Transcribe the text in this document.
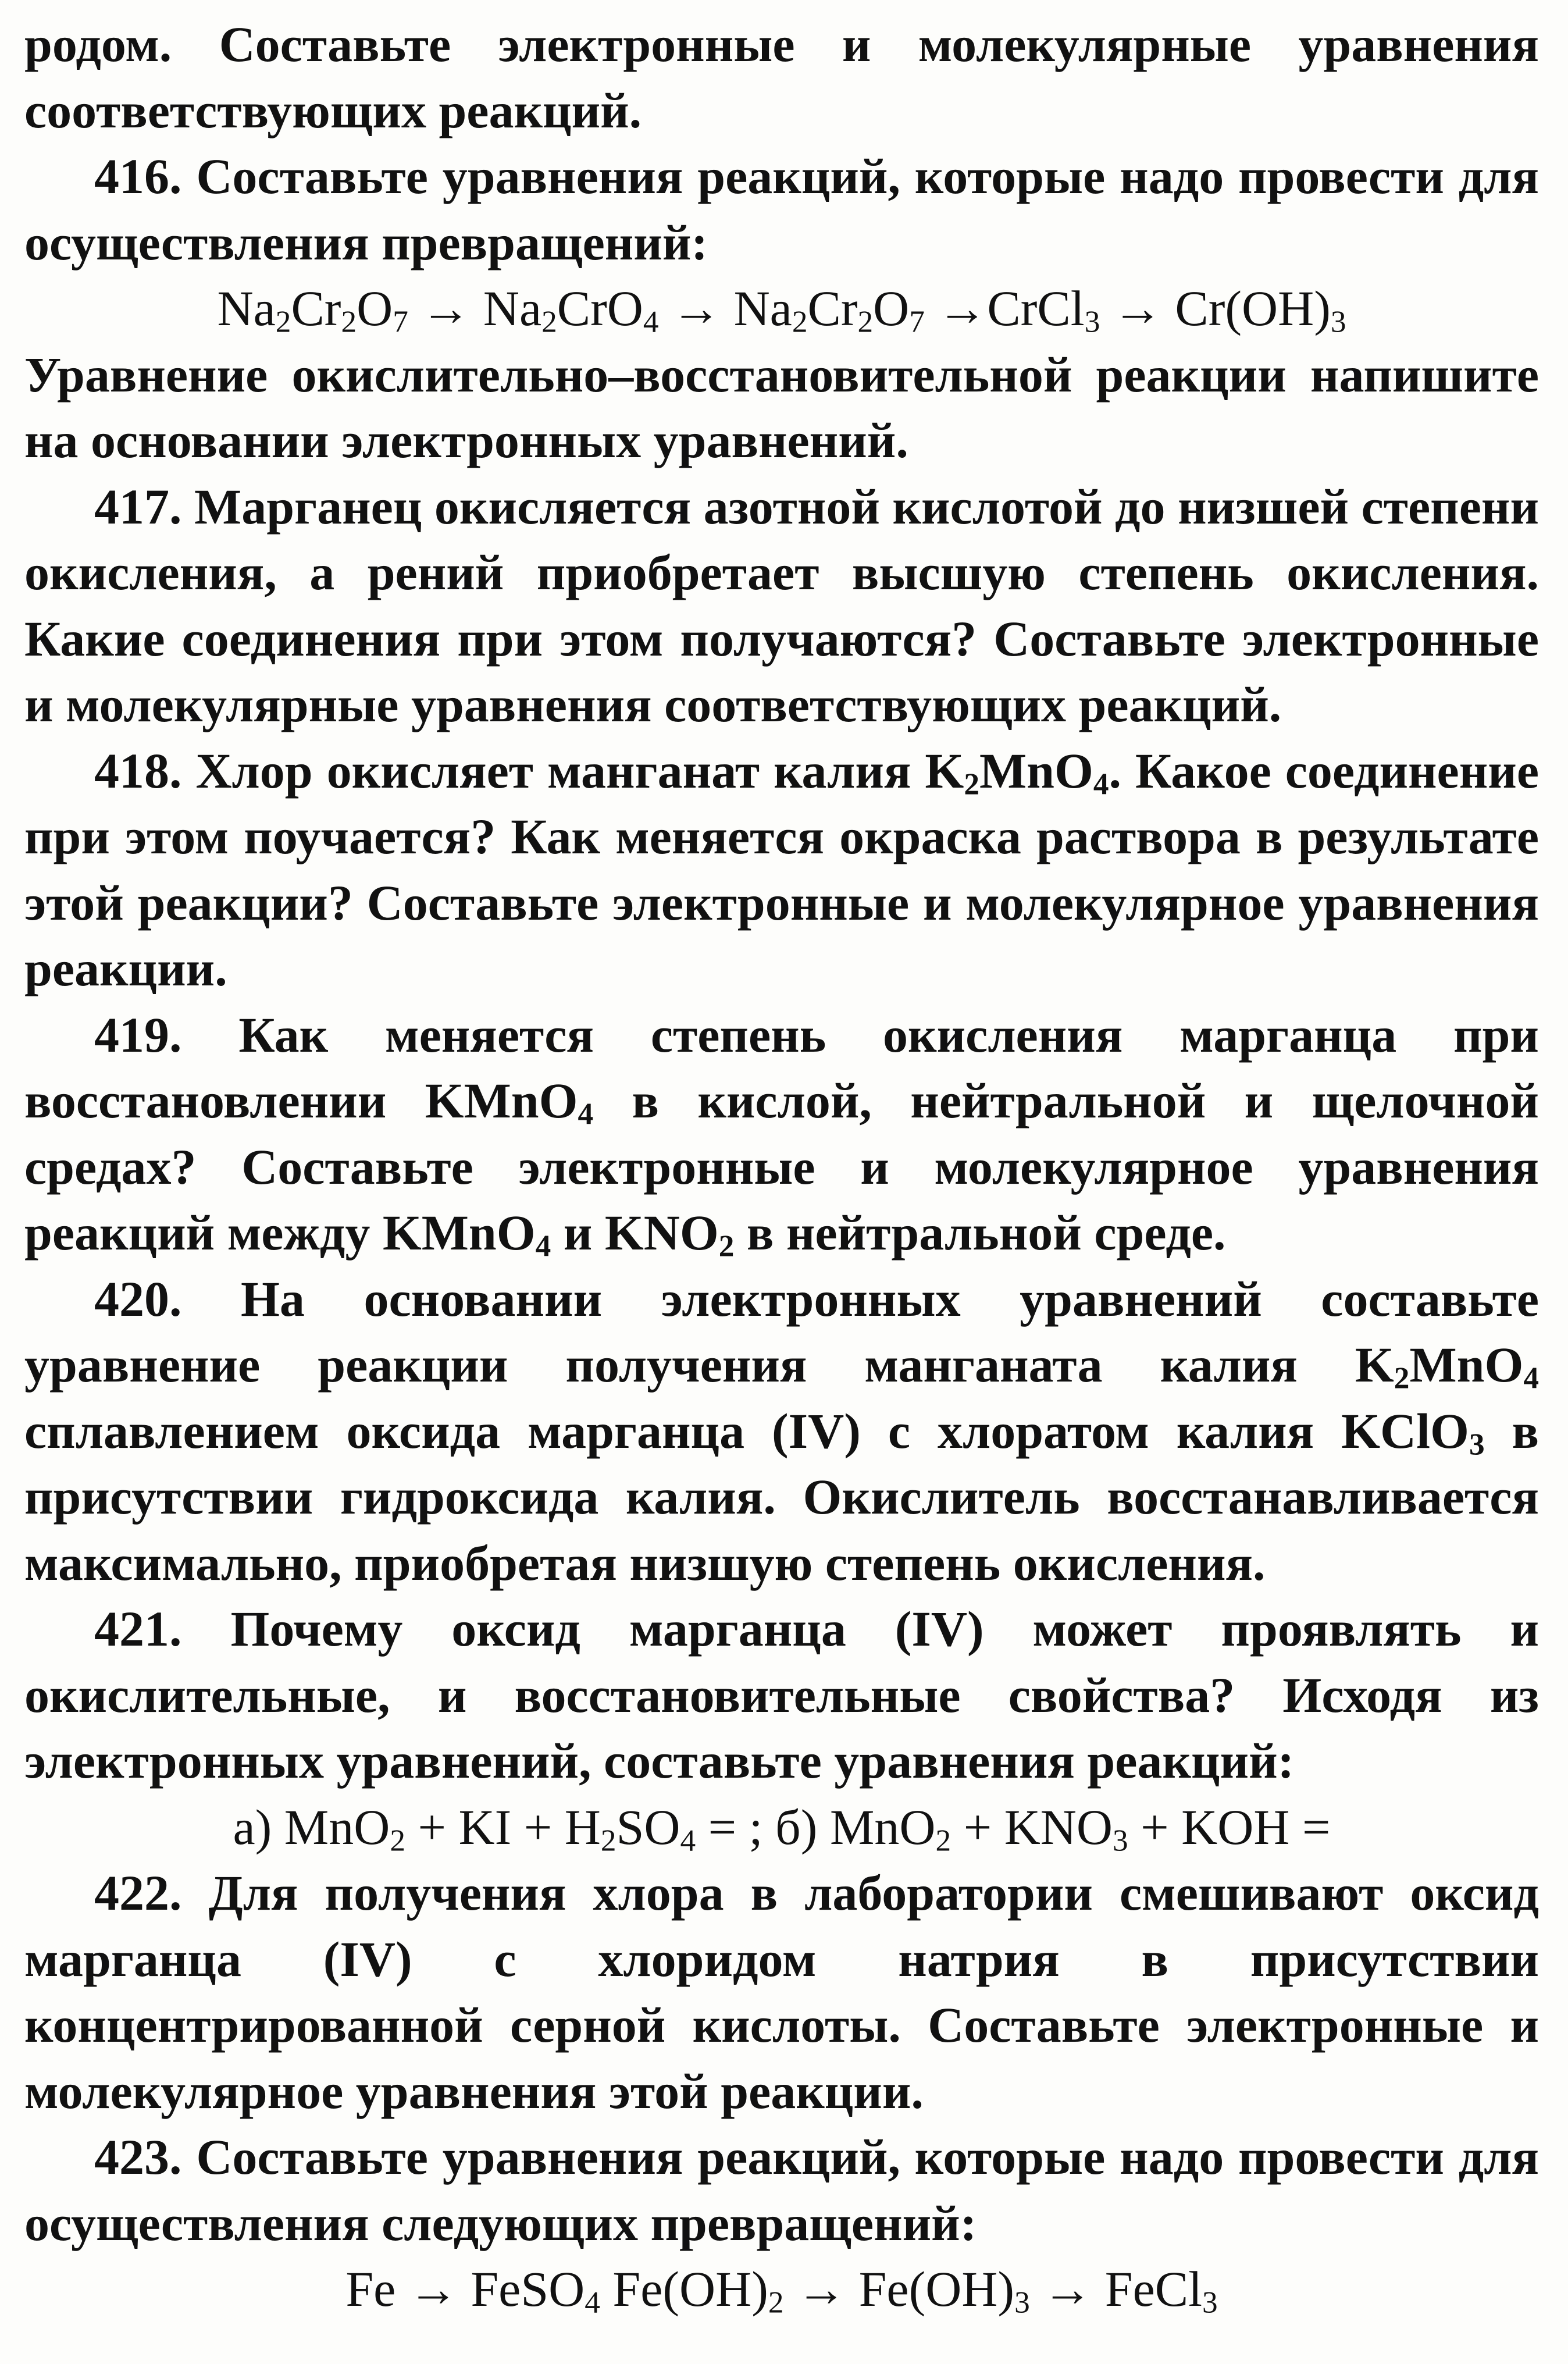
родом. Составьте электронные и молекулярные уравнения соответствующих реакций.

416. Составьте уравнения реакций, которые надо провести для осуществления превращений:

$Na_2Cr_2O_7 \to Na_2CrO_4 \to Na_2Cr_2O_7$ →CrCl$_3$ → $Cr(OH)_3$

Уравнение окислительно–восстановительной реакции напишите на основании электронных уравнений.

417. Марганец окисляется азотной кислотой до низшей степени окисления, а рений приобретает высшую степень окисления. Какие соединения при этом получаются? Составьте электронные и молекулярные уравнения соответствующих реакций.

418. Хлор окисляет манганат калия $K_2MnO_4$. Какое соединение при этом поучается? Как меняется окраска раствора в результате этой реакции? Составьте электронные и молекулярное уравнения реакции.

419. Как меняется степень окисления марганца при восстановлении KMnO$_4$ в кислой, нейтральной и щелочной средах? Составьте электронные и молекулярное уравнения реакций между KMnO$_4$ и $KNO_2$ в нейтральной среде.

420. На основании электронных уравнений составьте уравнение реакции получения манганата калия $K_2MnO_4$ сплавлением оксида марганца (IV) с хлоратом калия KClO$_3$ в присутствии гидроксида калия. Окислитель восстанавливается максимально, приобретая низшую степень окисления.

421. Почему оксид марганца (IV) может проявлять и окислительные, и восстановительные свойства? Исходя из электронных уравнений, составьте уравнения реакций:

а) MnO$_2$ + KI + $H_2SO_4$ = ; б) $MnO_2 + KNO_3$ + KOH =

422. Для получения хлора в лаборатории смешивают оксид марганца (IV) с хлоридом натрия в присутствии концентрированной серной кислоты. Составьте электронные и молекулярное уравнения этой реакции.

423. Составьте уравнения реакций, которые надо провести для осуществления следующих превращений:

Fe → FeSO$_4$ $Fe(OH)_2 \to Fe(OH)_3$ → FeCl$_3$
